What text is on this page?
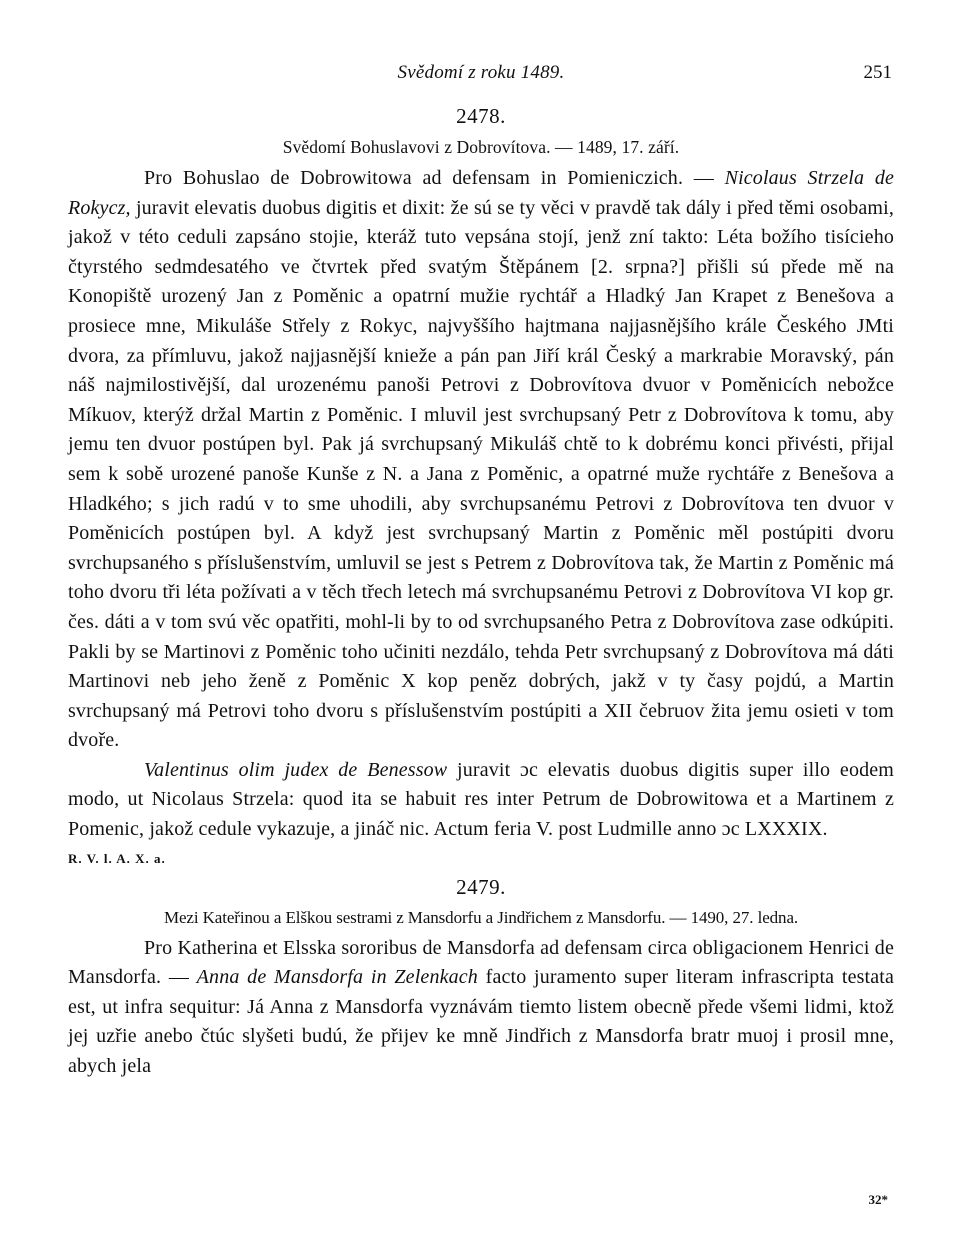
Svědomí z roku 1489.	251
2478.
Svědomí Bohuslavovi z Dobrovítova. — 1489, 17. září.

Pro Bohuslao de Dobrowitowa ad defensam in Pomieniczich. — Nicolaus Strzela de Rokycz, juravit elevatis duobus digitis et dixit: že sú se ty věci v pravdě tak dály i před těmi osobami, jakož v této ceduli zapsáno stojie, kteráž tuto vepsána stojí, jenž zní takto: Léta božího tisícieho čtyrstého sedmdesatého ve čtvrtek před svatým Štěpánem [2. srpna?] přišli sú přede mě na Konopiště urozený Jan z Poměnic a opatrní mužie rychtář a Hladký Jan Krapet z Benešova a prosiece mne, Mikuláše Střely z Rokyc, najvyššího hajtmana najjasnějšího krále Českého JMti dvora, za přímluvu, jakož najjasnější knieže a pán pan Jiří král Český a markrabie Moravský, pán náš najmilostivější, dal urozenému panoši Petrovi z Dobrovítova dvuor v Poměnicích nebožce Míkuov, kterýž držal Martin z Poměnic. I mluvil jest svrchupsaný Petr z Dobrovítova k tomu, aby jemu ten dvuor postúpen byl. Pak já svrchupsaný Mikuláš chtě to k dobrému konci přivésti, přijal sem k sobě urozené panoše Kunše z N. a Jana z Poměnic, a opatrné muže rychtáře z Benešova a Hladkého; s jich radú v to sme uhodili, aby svrchupsanému Petrovi z Dobrovítova ten dvuor v Poměnicích postúpen byl. A když jest svrchupsaný Martin z Poměnic měl postúpiti dvoru svrchupsaného s příslušenstvím, umluvil se jest s Petrem z Dobrovítova tak, že Martin z Poměnic má toho dvoru tři léta požívati a v těch třech letech má svrchupsanému Petrovi z Dobrovítova VI kop gr. čes. dáti a v tom svú věc opatřiti, mohl-li by to od svrchupsaného Petra z Dobrovítova zase odkúpiti. Pakli by se Martinovi z Poměnic toho učiniti nezdálo, tehda Petr svrchupsaný z Dobrovítova má dáti Martinovi neb jeho ženě z Poměnic X kop peněz dobrých, jakž v ty časy pojdú, a Martin svrchupsaný má Petrovi toho dvoru s příslušenstvím postúpiti a XII čebruov žita jemu osieti v tom dvoře.

Valentinus olim judex de Benessow juravit ɔc elevatis duobus digitis super illo eodem modo, ut Nicolaus Strzela: quod ita se habuit res inter Petrum de Dobrowitowa et a Martinem z Pomenic, jakož cedule vykazuje, a jináč nic. Actum feria V. post Ludmille anno ɔc LXXXIX.

R. V. l. A. X. a.
2479.
Mezi Kateřinou a Elškou sestrami z Mansdorfu a Jindřichem z Mansdorfu. — 1490, 27. ledna.

Pro Katherina et Elsska sororibus de Mansdorfa ad defensam circa obligacionem Henrici de Mansdorfa. — Anna de Mansdorfa in Zelenkach facto juramento super literam infrascripta testata est, ut infra sequitur: Já Anna z Mansdorfa vyznávám tiemto listem obecně přede všemi lidmi, ktož jej uzřie anebo čtúc slyšeti budú, že přijev ke mně Jindřich z Mansdorfa bratr muoj i prosil mne, abych jela

32*
